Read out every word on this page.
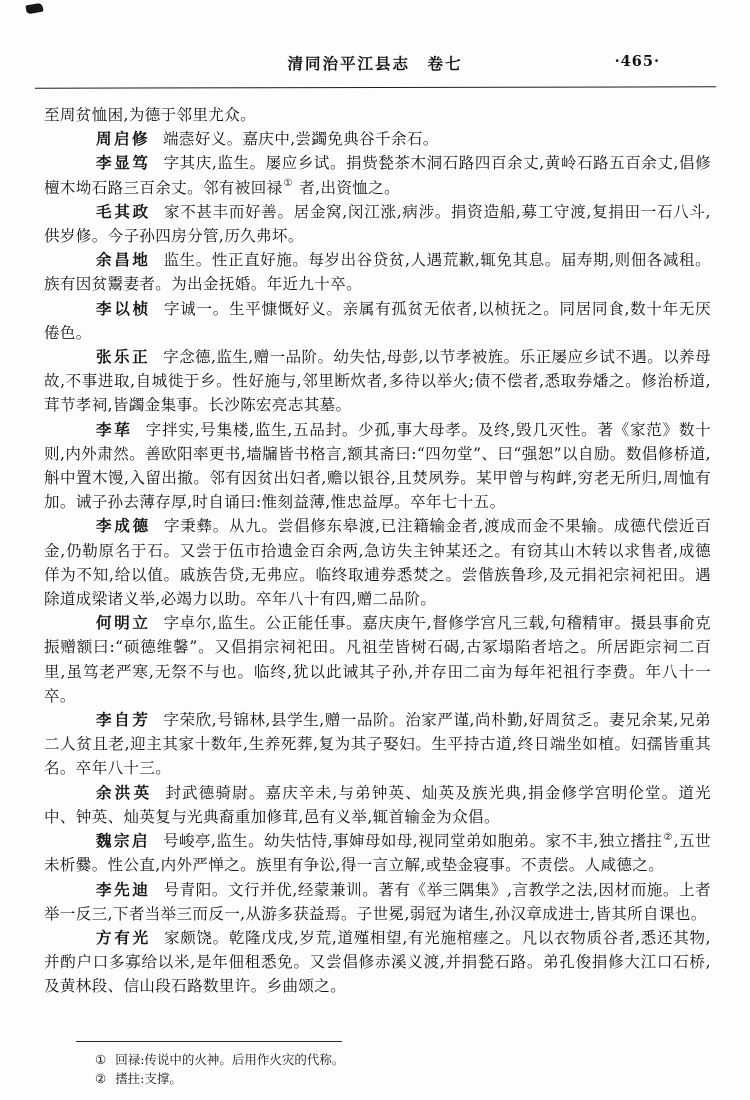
清同治平江县志　卷七	·465·

至周贫恤困,为德于邻里尤众。

周启修 端悫好义。嘉庆中,尝蠲免典谷千余石。

李显笃 字其庆,监生。屡应乡试。捐赀甃茶木洞石路四百余丈,黄岭石路五百余丈,倡修檀木坳石路三百余丈。邻有被回禄① 者,出资恤之。

毛其政 家不甚丰而好善。居金窝,闵江涨,病涉。捐资造船,募工守渡,复捐田一石八斗,供岁修。今子孙四房分管,历久弗坏。

余昌地 监生。性正直好施。每岁出谷贷贫,人遇荒歉,辄免其息。届寿期,则佃各减租。族有因贫鬻妻者。为出金抚婚。年近九十卒。

李以桢 字诚一。生平慷慨好义。亲属有孤贫无依者,以桢抚之。同居同食,数十年无厌倦色。

张乐正 字念德,监生,赠一品阶。幼失怙,母彭,以节孝被旌。乐正屡应乡试不遇。以养母故,不事进取,自城徙于乡。性好施与,邻里断炊者,多待以举火;债不偿者,悉取券燔之。修治桥道,茸节孝祠,皆蠲金集事。长沙陈宏亮志其墓。

李荜 字拌实,号集楼,监生,五品封。少孤,事大母孝。及终,毁几灭性。著《家范》数十则,内外肃然。善欧阳率更书,墙牖皆书格言,额其斋曰:“四勿堂”、曰“强恕”以自励。数倡修桥道,斛中置木馒,入留出撤。邻有因贫出妇者,赡以银谷,且焚夙券。某甲曾与构衅,穷老无所归,周恤有加。诫子孙去薄存厚,时自诵曰:惟刻益薄,惟忠益厚。卒年七十五。

李成德 字秉彝。从九。尝倡修东皋渡,已注籍输金者,渡成而金不果输。成德代偿近百金,仍勒原名于石。又尝于伍市拾遗金百余两,急访失主钟某还之。有窃其山木转以求售者,成德佯为不知,给以值。戚族告贷,无弗应。临终取逋券悉焚之。尝偕族鲁珍,及元捐祀宗祠祀田。遇除道成梁诸义举,必竭力以助。卒年八十有四,赠二品阶。

何明立 字卓尔,监生。公正能任事。嘉庆庚午,督修学宫凡三载,句稽精审。摄县事俞克振赠额曰:“硕德维馨”。又倡捐宗祠祀田。凡祖茔皆树石碣,古冢塌陷者培之。所居距宗祠二百里,虽笃老严寒,无祭不与也。临终,犹以此诫其子孙,并存田二亩为每年祀祖行李费。年八十一卒。

李自芳 字荣欣,号锦林,县学生,赠一品阶。治家严谨,尚朴勤,好周贫乏。妻兄余某,兄弟二人贫且老,迎主其家十数年,生养死葬,复为其子娶妇。生平持古道,终日端坐如植。妇孺皆重其名。卒年八十三。

余洪英 封武德骑尉。嘉庆辛未,与弟钟英、灿英及族光典,捐金修学宫明伦堂。道光中、钟英、灿英复与光典裔重加修茸,邑有义举,辄首输金为众倡。

魏宗启 号峻亭,监生。幼失怙恃,事婶母如母,视同堂弟如胞弟。家不丰,独立搘拄②,五世未析爨。性公直,内外严惮之。族里有争讼,得一言立解,或垫金寝事。不责偿。人咸德之。

李先迪 号青阳。文行并优,经蒙兼训。著有《举三隅集》,言教学之法,因材而施。上者举一反三,下者当举三而反一,从游多获益焉。子世冕,弱冠为诸生,孙汉章成进士,皆其所自课也。

方有光 家颇饶。乾隆戊戌,岁荒,道殣相望,有光施棺瘗之。凡以衣物质谷者,悉还其物,并酌户口多寡给以米,是年佃租悉免。又尝倡修赤溪义渡,并捐甃石路。弟孔俊捐修大江口石桥,及黄林段、信山段石路数里许。乡曲颂之。

① 回禄:传说中的火神。后用作火灾的代称。

② 搘拄:支撑。
